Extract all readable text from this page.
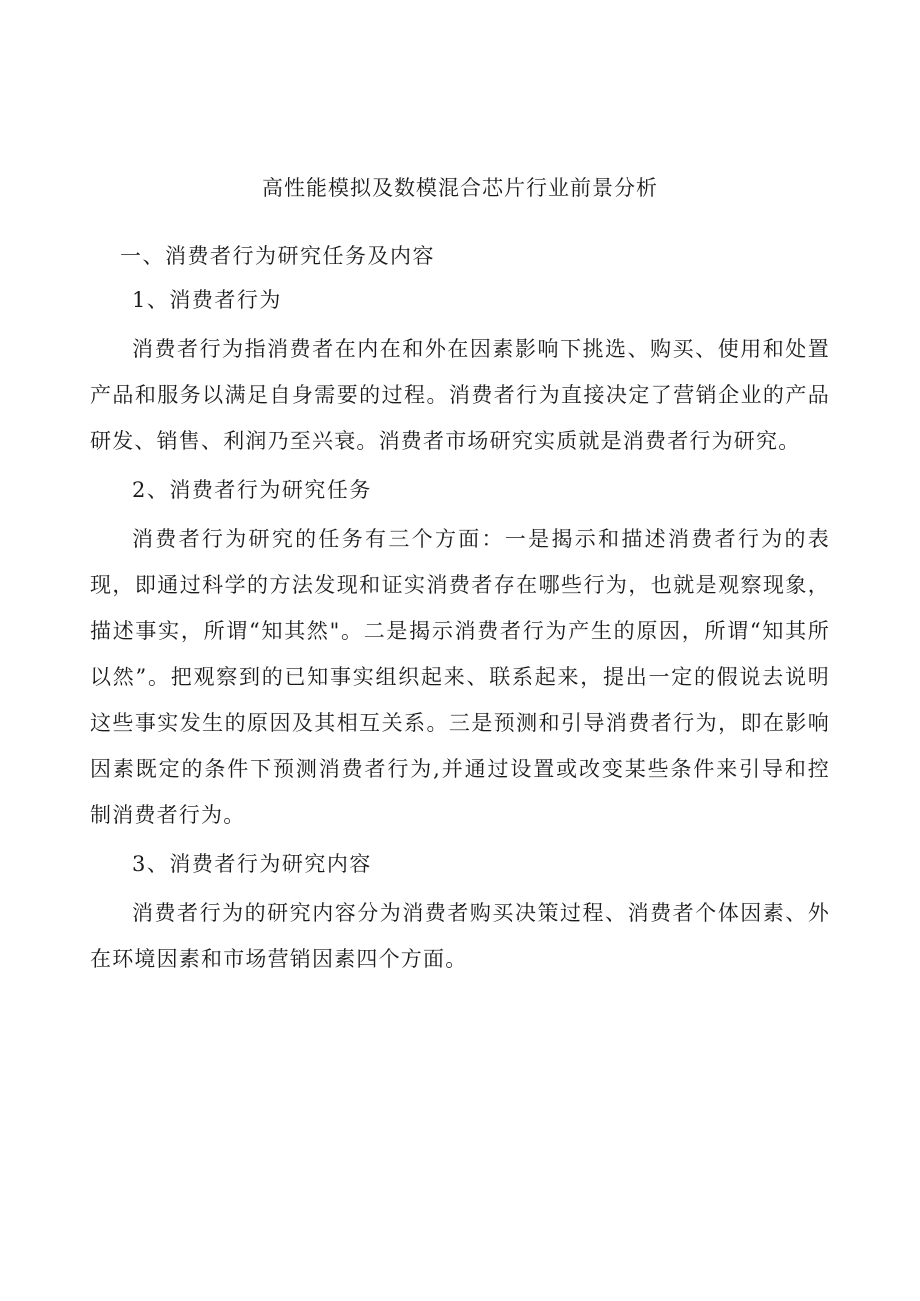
高性能模拟及数模混合芯片行业前景分析
一、消费者行为研究任务及内容
1、消费者行为

消费者行为指消费者在内在和外在因素影响下挑选、购买、使用和处置产品和服务以满足自身需要的过程。消费者行为直接决定了营销企业的产品研发、销售、利润乃至兴衰。消费者市场研究实质就是消费者行为研究。

2、消费者行为研究任务

消费者行为研究的任务有三个方面：一是揭示和描述消费者行为的表现，即通过科学的方法发现和证实消费者存在哪些行为，也就是观察现象，描述事实，所谓“知其然"。二是揭示消费者行为产生的原因，所谓“知其所以然”。把观察到的已知事实组织起来、联系起来，提出一定的假说去说明这些事实发生的原因及其相互关系。三是预测和引导消费者行为，即在影响因素既定的条件下预测消费者行为,并通过设置或改变某些条件来引导和控制消费者行为。

3、消费者行为研究内容

消费者行为的研究内容分为消费者购买决策过程、消费者个体因素、外在环境因素和市场营销因素四个方面。
